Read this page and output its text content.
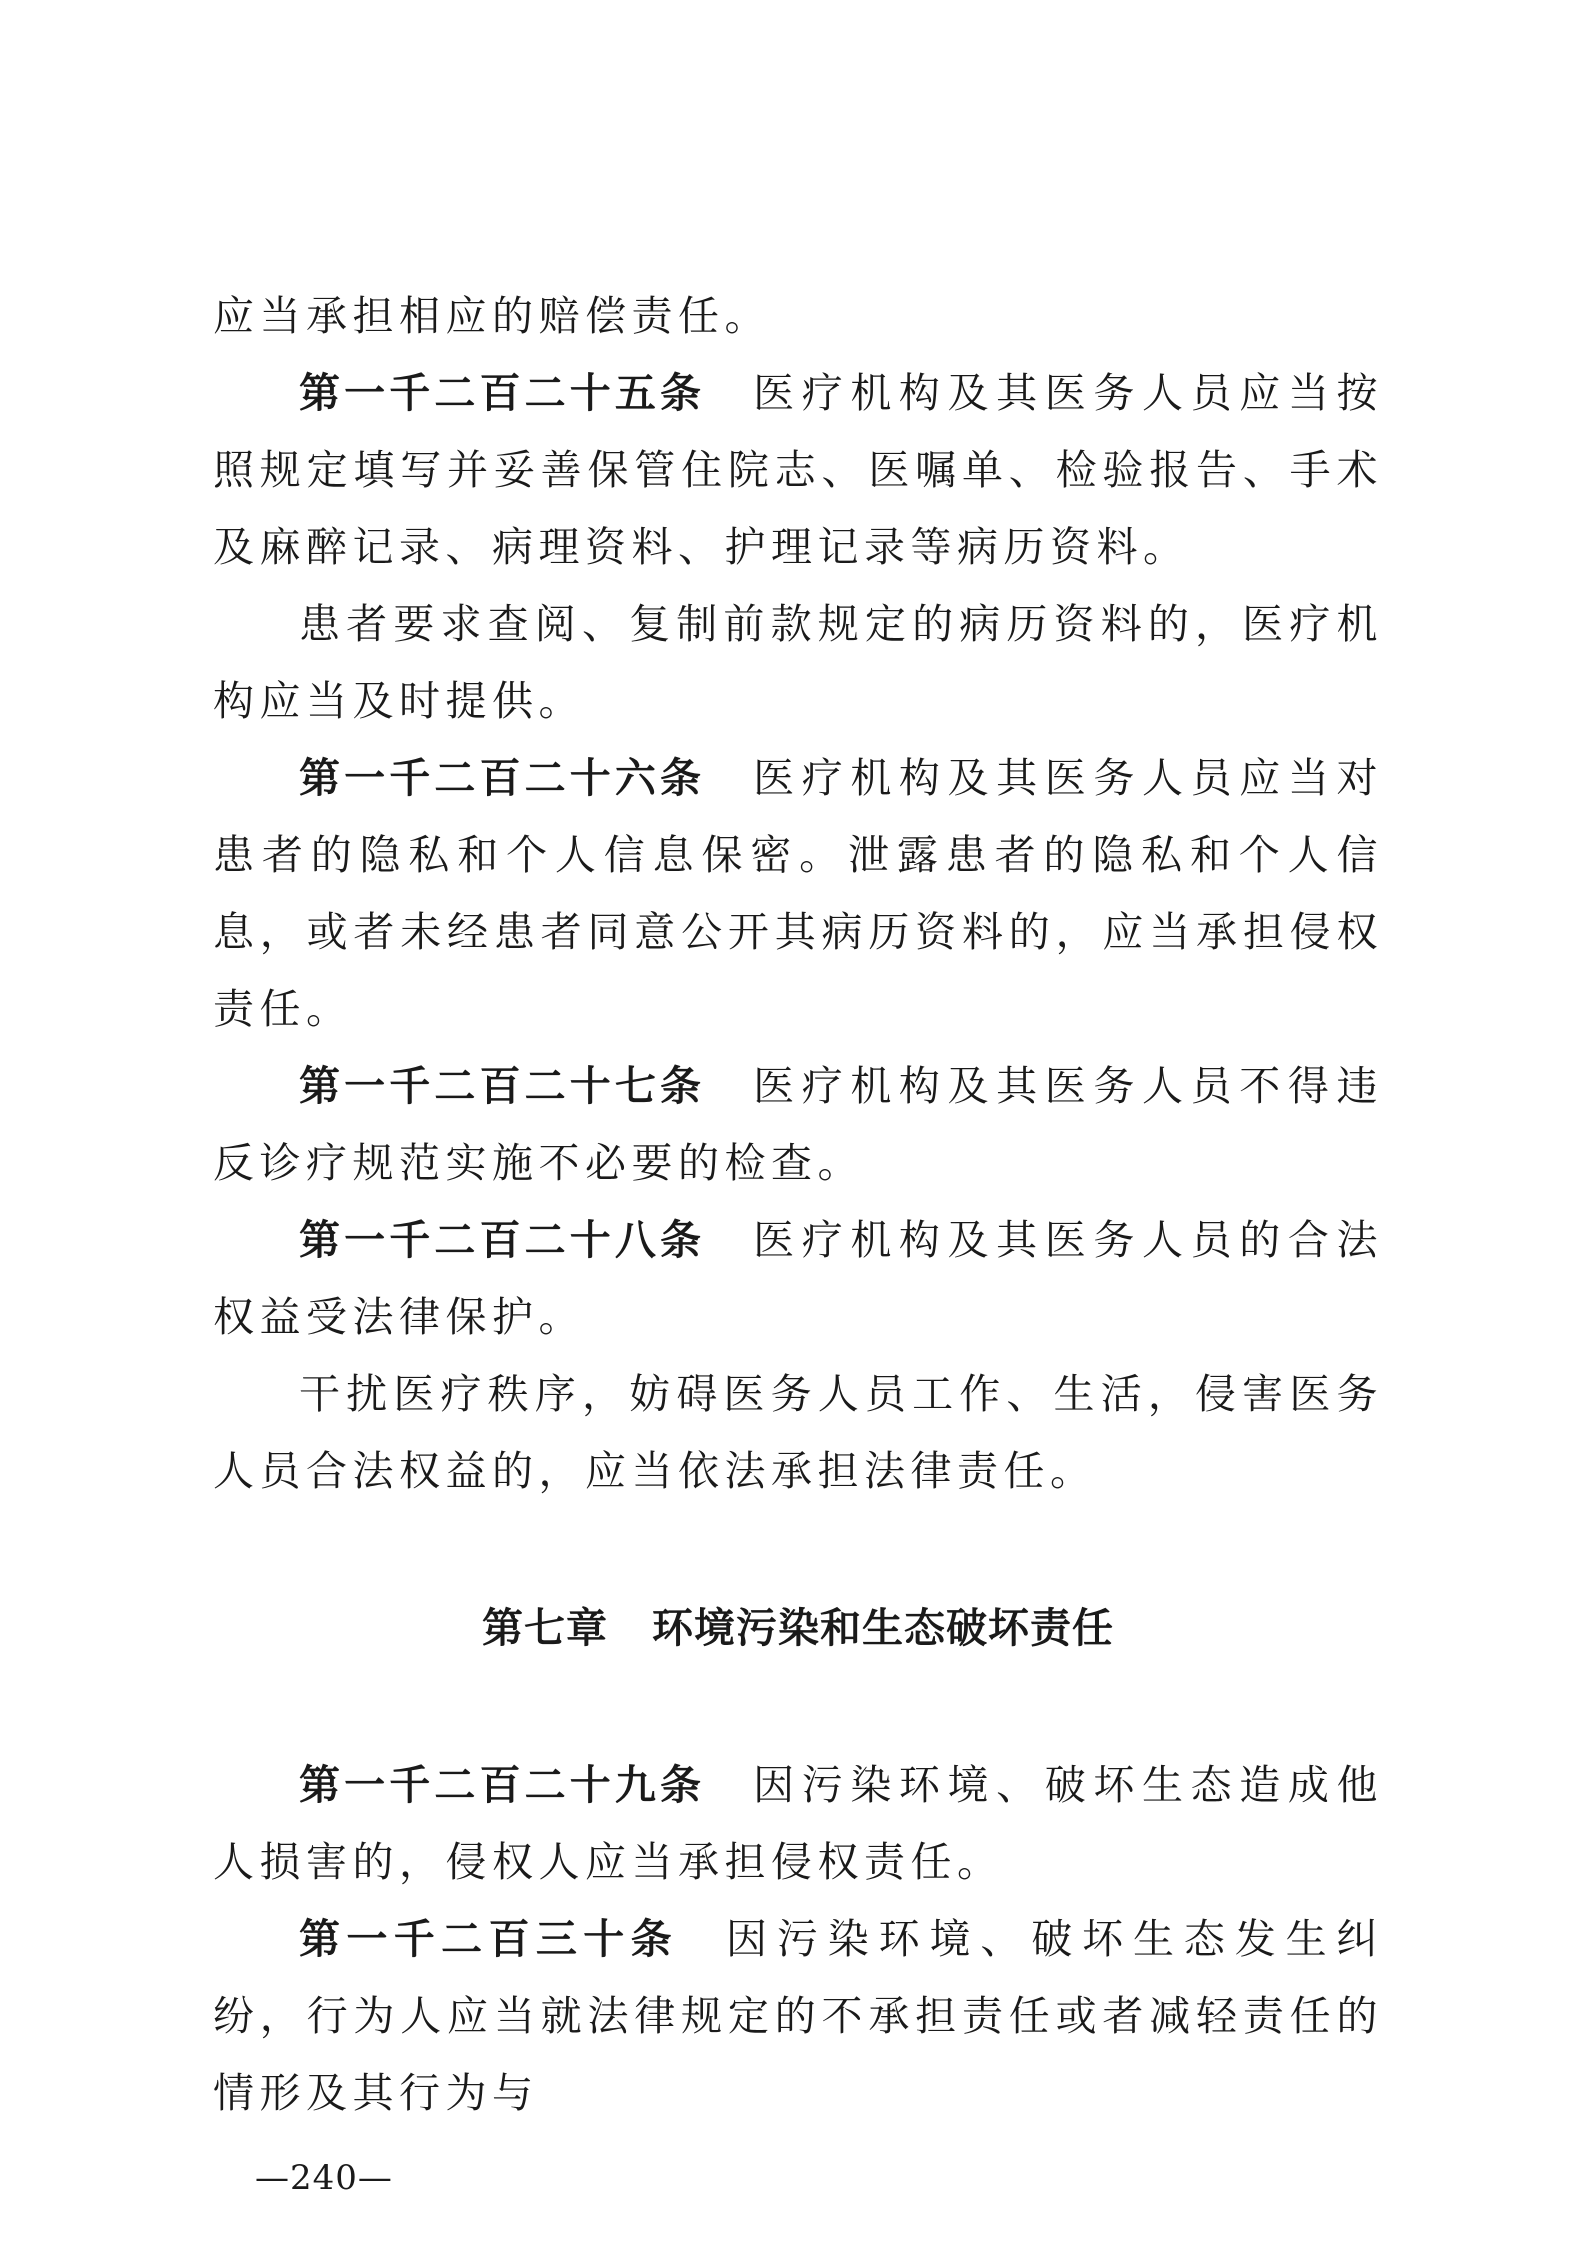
应当承担相应的赔偿责任。

第一千二百二十五条 医疗机构及其医务人员应当按照规定填写并妥善保管住院志、医嘱单、检验报告、手术及麻醉记录、病理资料、护理记录等病历资料。

患者要求查阅、复制前款规定的病历资料的，医疗机构应当及时提供。

第一千二百二十六条 医疗机构及其医务人员应当对患者的隐私和个人信息保密。泄露患者的隐私和个人信息，或者未经患者同意公开其病历资料的，应当承担侵权责任。

第一千二百二十七条 医疗机构及其医务人员不得违反诊疗规范实施不必要的检查。

第一千二百二十八条 医疗机构及其医务人员的合法权益受法律保护。

干扰医疗秩序，妨碍医务人员工作、生活，侵害医务人员合法权益的，应当依法承担法律责任。

第七章 环境污染和生态破坏责任

第一千二百二十九条 因污染环境、破坏生态造成他人损害的，侵权人应当承担侵权责任。

第一千二百三十条 因污染环境、破坏生态发生纠纷，行为人应当就法律规定的不承担责任或者减轻责任的情形及其行为与

—240—
